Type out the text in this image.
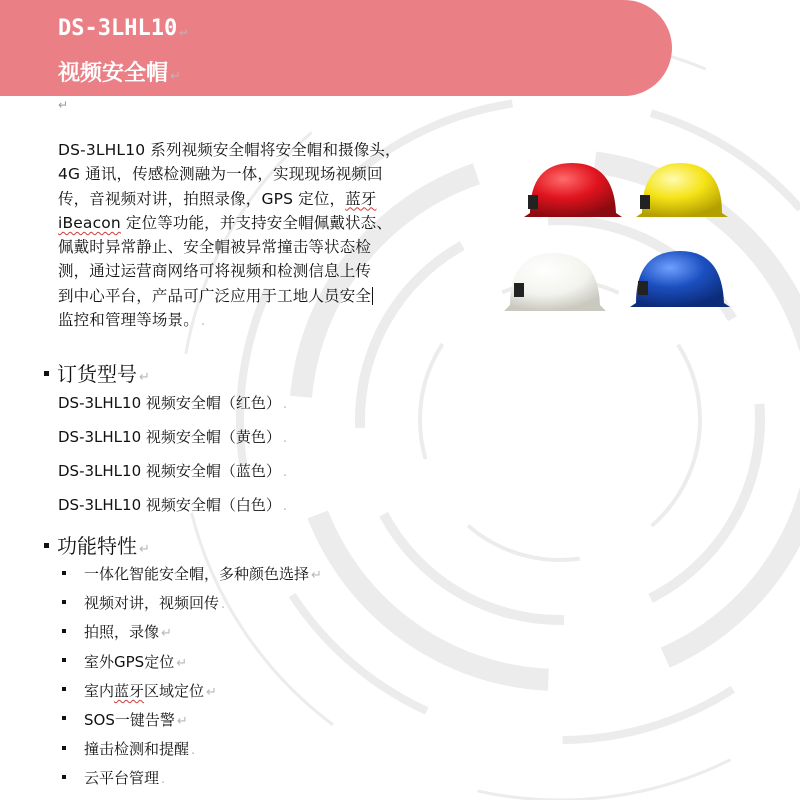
DS-3LHL10 ↵
视频安全帽 ↵
↵
DS-3LHL10 系列视频安全帽将安全帽和摄像头，
4G 通讯，传感检测融为一体，实现现场视频回
传，音视频对讲，拍照录像，GPS 定位，蓝牙
iBeacon 定位等功能，并支持安全帽佩戴状态、
佩戴时异常静止、安全帽被异常撞击等状态检
测，通过运营商网络可将视频和检测信息上传
到中心平台，产品可广泛应用于工地人员安全
监控和管理等场景。 .
订货型号 ↵
DS-3LHL10 视频安全帽（红色） .
DS-3LHL10 视频安全帽（黄色） .
DS-3LHL10 视频安全帽（蓝色） .
DS-3LHL10 视频安全帽（白色） .
功能特性 ↵
一体化智能安全帽，多种颜色选择 ↵
视频对讲，视频回传 .
拍照，录像 ↵
室外GPS定位 ↵
室内蓝牙区域定位 ↵
SOS一键告警 ↵
撞击检测和提醒 .
云平台管理 .
